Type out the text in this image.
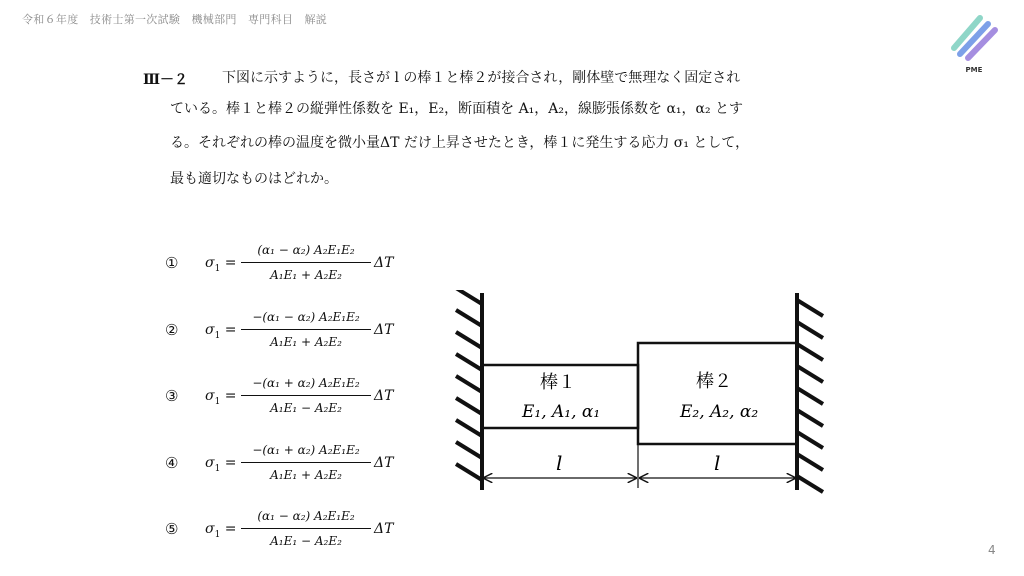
令和６年度　技術士第一次試験　機械部門　専門科目　解説
PME
Ⅲ－２ 下図に示すように，長さが l の棒１と棒２が接合され，剛体壁で無理なく固定され
ている。棒１と棒２の縦弾性係数を E₁，E₂，断面積を A₁，A₂，線膨張係数を α₁，α₂ とす
る。それぞれの棒の温度を微小量ΔT だけ上昇させたとき，棒１に発生する応力 σ₁ として，
最も適切なものはどれか。
① $\sigma_1$ =
(α₁ − α₂) A₂E₁E₂
A₁E₁ + A₂E₂
ΔT
② $\sigma_1$ =
−(α₁ − α₂) A₂E₁E₂
A₁E₁ + A₂E₂
ΔT
③ $\sigma_1$ =
−(α₁ + α₂) A₂E₁E₂
A₁E₁ − A₂E₂
ΔT
④ $\sigma_1$ =
−(α₁ + α₂) A₂E₁E₂
A₁E₁ + A₂E₂
ΔT
⑤ $\sigma_1$ =
(α₁ − α₂) A₂E₁E₂
A₁E₁ − A₂E₂
ΔT
棒１
E₁, A₁, α₁
棒２
E₂, A₂, α₂
l	l
4
